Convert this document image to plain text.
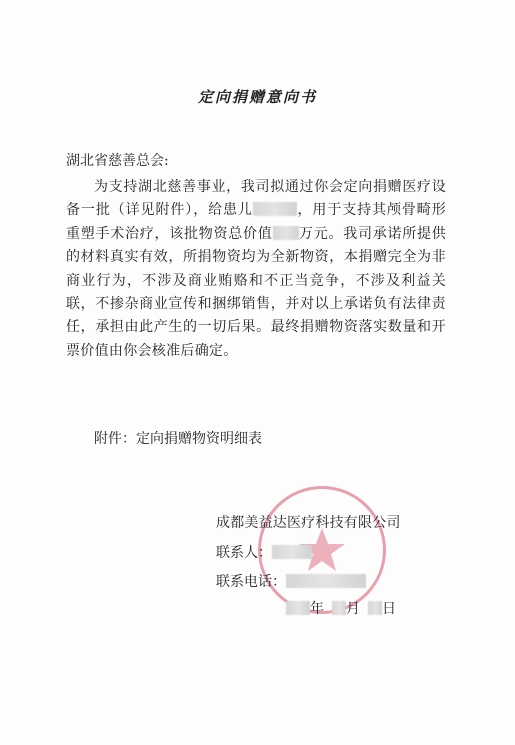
定向捐赠意向书
湖北省慈善总会:
为支持湖北慈善事业，我司拟通过你会定向捐赠医疗设备一批（详见附件），给患儿	，用于支持其颅骨畸形重塑手术治疗，该批物资总价值 万元。我司承诺所提供的材料真实有效，所捐物资均为全新物资，本捐赠完全为非商业行为，不涉及商业贿赂和不正当竞争，不涉及利益关联，不掺杂商业宣传和捆绑销售，并对以上承诺负有法律责任，承担由此产生的一切后果。最终捐赠物资落实数量和开票价值由你会核准后确定。
附件：定向捐赠物资明细表
成都美益达医疗科技有限公司
联系人：
联系电话：
年 月 日
